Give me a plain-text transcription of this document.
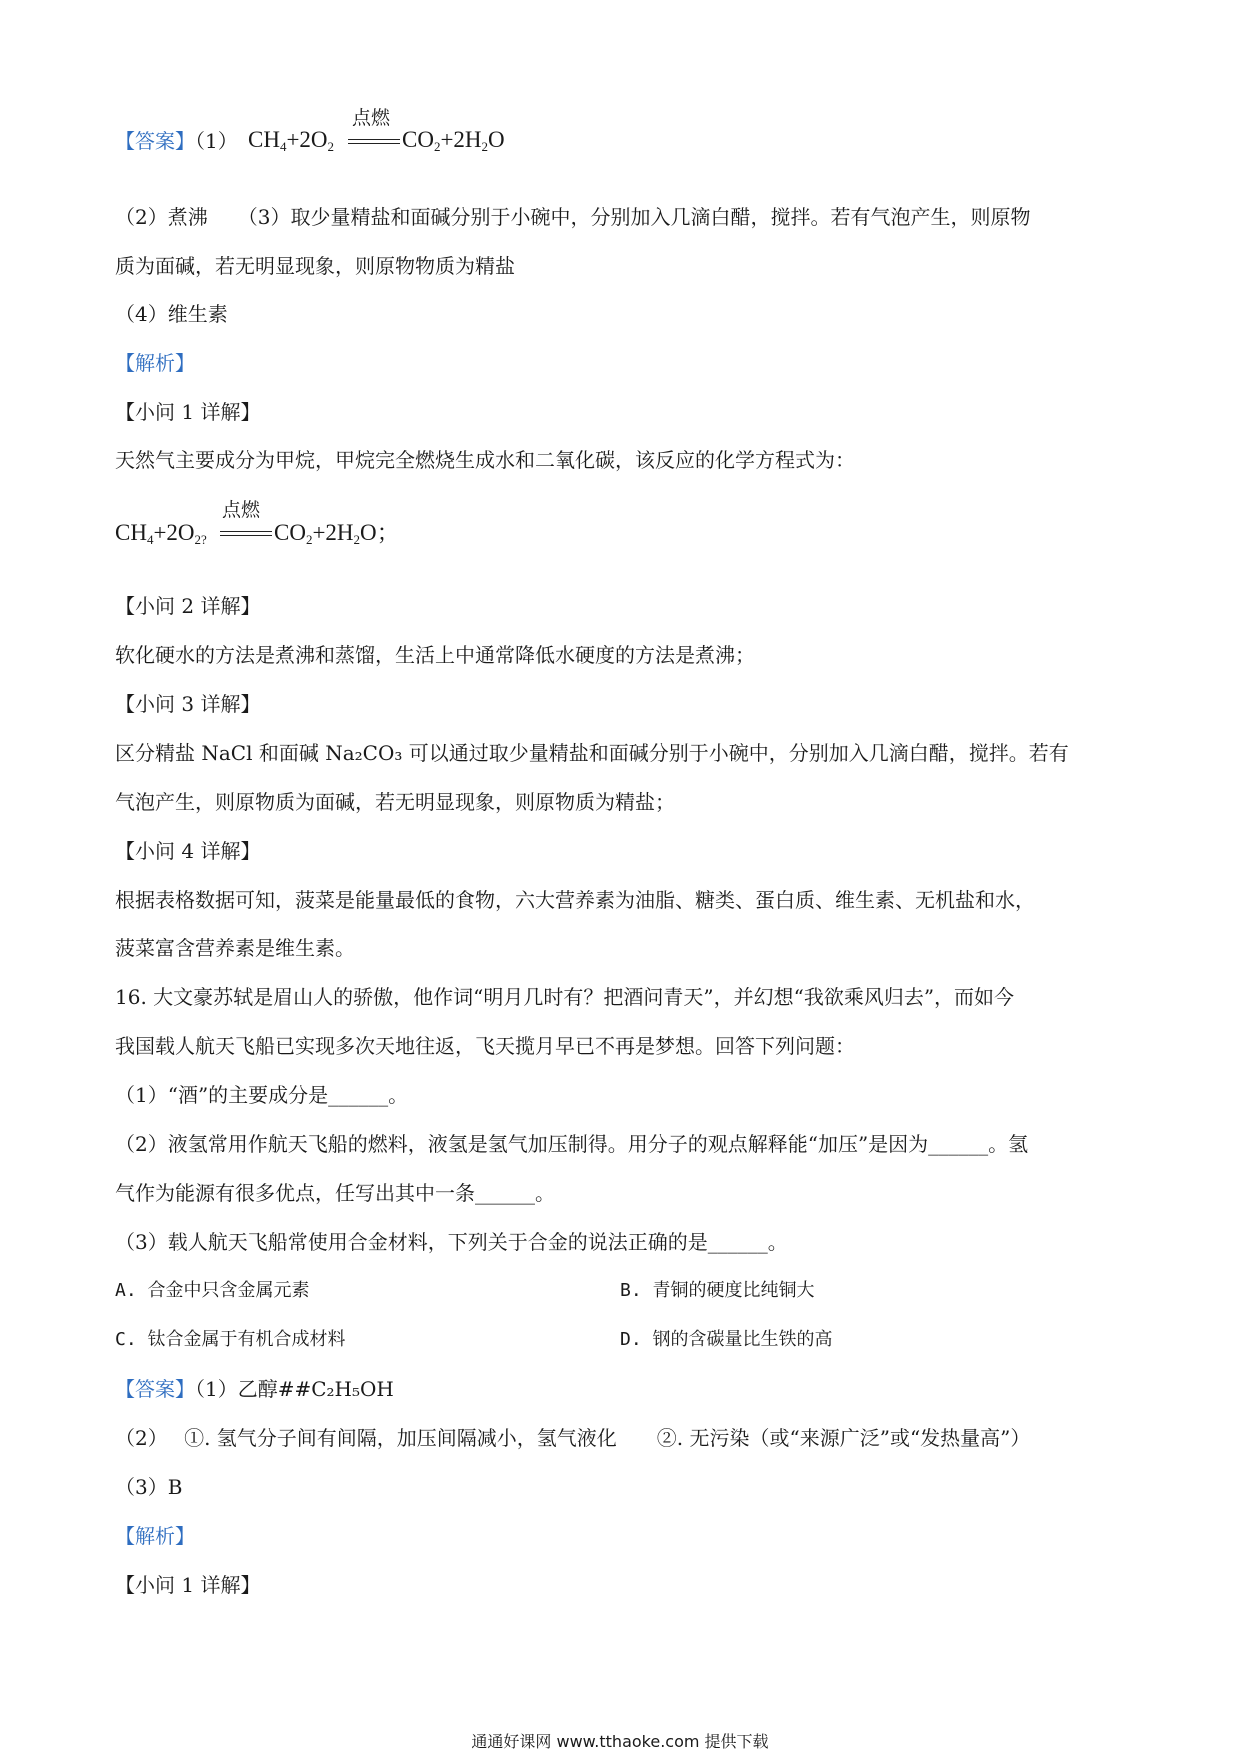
【答案】（1） $CH_4+2O_2$
点燃
$CO_2+2H_2O$
（2）煮沸　　（3）取少量精盐和面碱分别于小碗中，分别加入几滴白醋，搅拌。若有气泡产生，则原物
质为面碱，若无明显现象，则原物物质为精盐
（4）维生素
【解析】
【小问 1 详解】
天然气主要成分为甲烷，甲烷完全燃烧生成水和二氧化碳，该反应的化学方程式为：
$CH_4+2O_{2?}$
点燃
$CO_2+2H_2O$；
【小问 2 详解】
软化硬水的方法是煮沸和蒸馏，生活上中通常降低水硬度的方法是煮沸；
【小问 3 详解】
区分精盐 NaCl 和面碱 Na₂CO₃ 可以通过取少量精盐和面碱分别于小碗中，分别加入几滴白醋，搅拌。若有
气泡产生，则原物质为面碱，若无明显现象，则原物质为精盐；
【小问 4 详解】
根据表格数据可知，菠菜是能量最低的食物，六大营养素为油脂、糖类、蛋白质、维生素、无机盐和水，
菠菜富含营养素是维生素。
16. 大文豪苏轼是眉山人的骄傲，他作词“明月几时有？把酒问青天”，并幻想“我欲乘风归去”，而如今
我国载人航天飞船已实现多次天地往返，飞天揽月早已不再是梦想。回答下列问题：
（1）“酒”的主要成分是______。
（2）液氢常用作航天飞船的燃料，液氢是氢气加压制得。用分子的观点解释能“加压”是因为______。氢
气作为能源有很多优点，任写出其中一条______。
（3）载人航天飞船常使用合金材料，下列关于合金的说法正确的是______。
A. 合金中只含金属元素	B. 青铜的硬度比纯铜大
C. 钛合金属于有机合成材料	D. 钢的含碳量比生铁的高
【答案】（1）乙醇##C₂H₅OH
（2）　 ①. 氢气分子间有间隔，加压间隔减小，氢气液化　　②. 无污染（或“来源广泛”或“发热量高”）
（3）B
【解析】
【小问 1 详解】
通通好课网 www.tthaoke.com 提供下载
